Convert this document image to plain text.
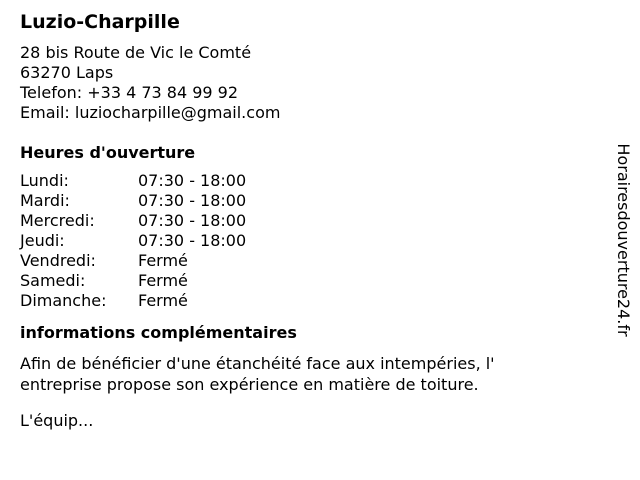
Luzio-Charpille
28 bis Route de Vic le Comté
63270 Laps
Telefon: +33 4 73 84 99 92
Email: luziocharpille@gmail.com
Heures d'ouverture
Lundi:	07:30 - 18:00
Mardi:	07:30 - 18:00
Mercredi:	07:30 - 18:00
Jeudi:	07:30 - 18:00
Vendredi:	Fermé
Samedi:	Fermé
Dimanche:	Fermé
informations complémentaires

Afin de bénéficier d'une étanchéité face aux intempéries, l' entreprise propose son expérience en matière de toiture.

L'équip...
Horairesdouverture24.fr
